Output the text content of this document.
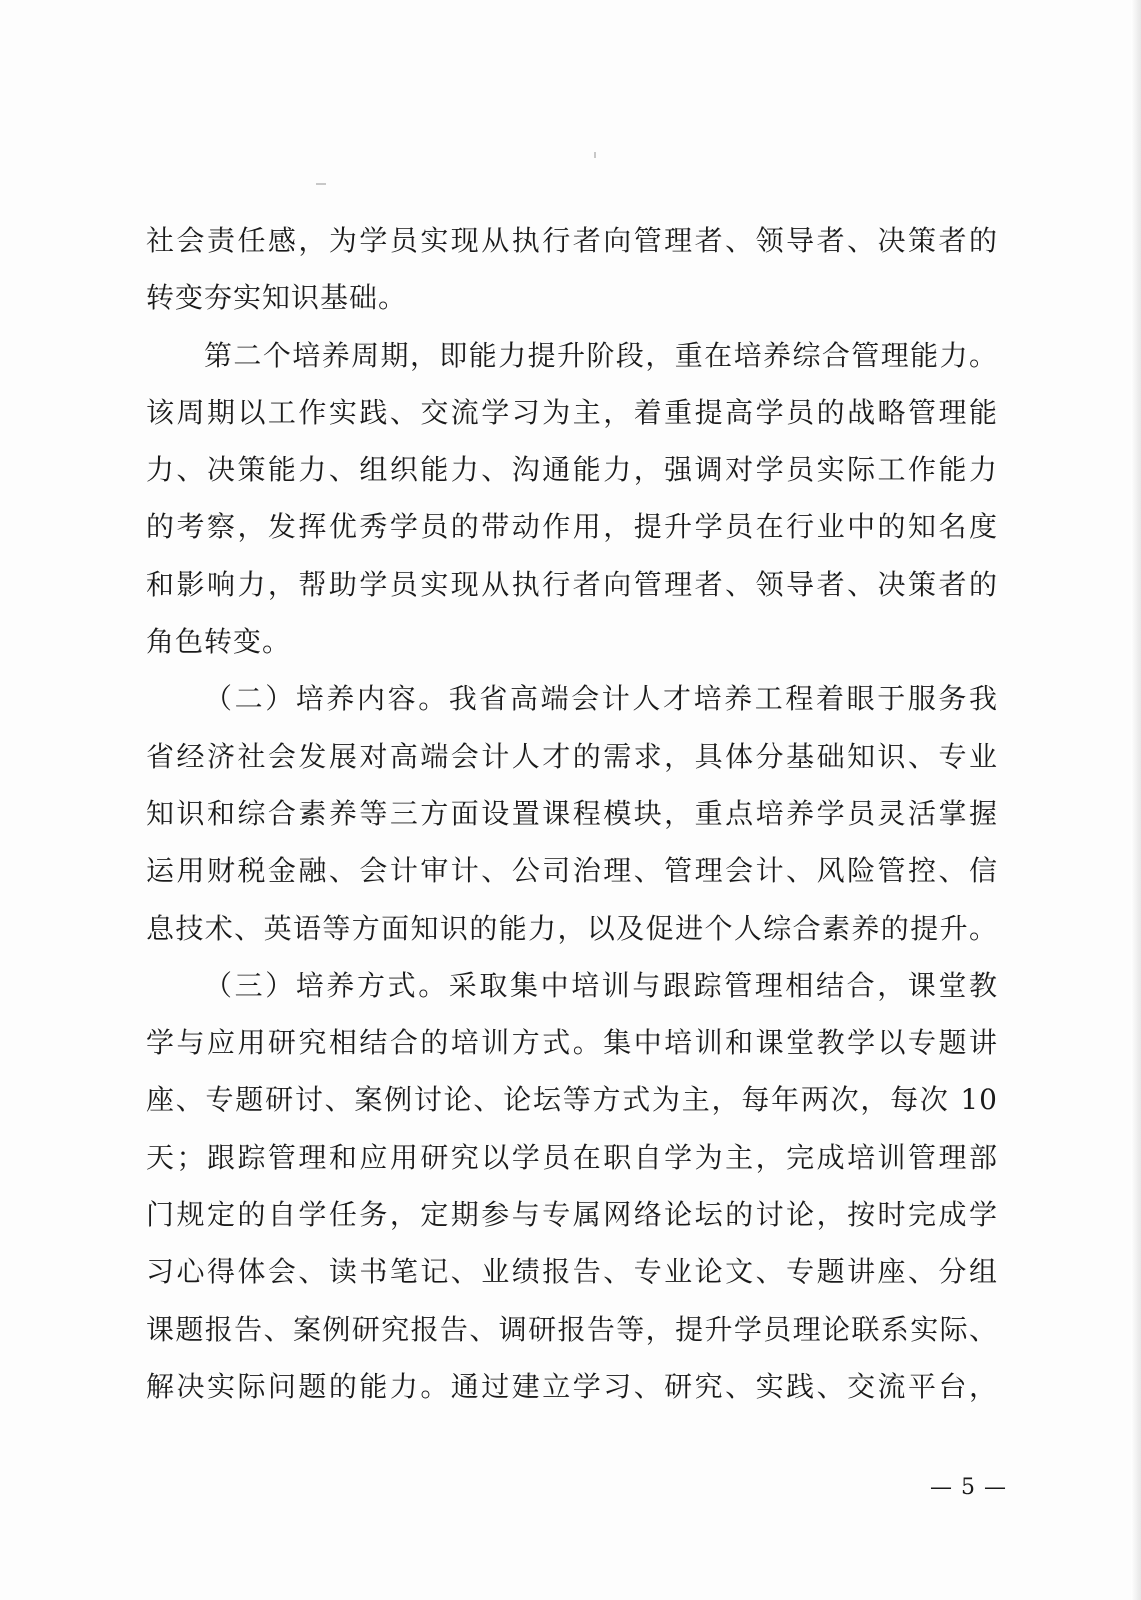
社会责任感，为学员实现从执行者向管理者、领导者、决策者的
转变夯实知识基础。
第二个培养周期，即能力提升阶段，重在培养综合管理能力。
该周期以工作实践、交流学习为主，着重提高学员的战略管理能
力、决策能力、组织能力、沟通能力，强调对学员实际工作能力
的考察，发挥优秀学员的带动作用，提升学员在行业中的知名度
和影响力，帮助学员实现从执行者向管理者、领导者、决策者的
角色转变。
（二）培养内容。我省高端会计人才培养工程着眼于服务我
省经济社会发展对高端会计人才的需求，具体分基础知识、专业
知识和综合素养等三方面设置课程模块，重点培养学员灵活掌握
运用财税金融、会计审计、公司治理、管理会计、风险管控、信
息技术、英语等方面知识的能力，以及促进个人综合素养的提升。
（三）培养方式。采取集中培训与跟踪管理相结合，课堂教
学与应用研究相结合的培训方式。集中培训和课堂教学以专题讲
座、专题研讨、案例讨论、论坛等方式为主，每年两次，每次 10
天；跟踪管理和应用研究以学员在职自学为主，完成培训管理部
门规定的自学任务，定期参与专属网络论坛的讨论，按时完成学
习心得体会、读书笔记、业绩报告、专业论文、专题讲座、分组
课题报告、案例研究报告、调研报告等，提升学员理论联系实际、
解决实际问题的能力。通过建立学习、研究、实践、交流平台，
— 5 —
